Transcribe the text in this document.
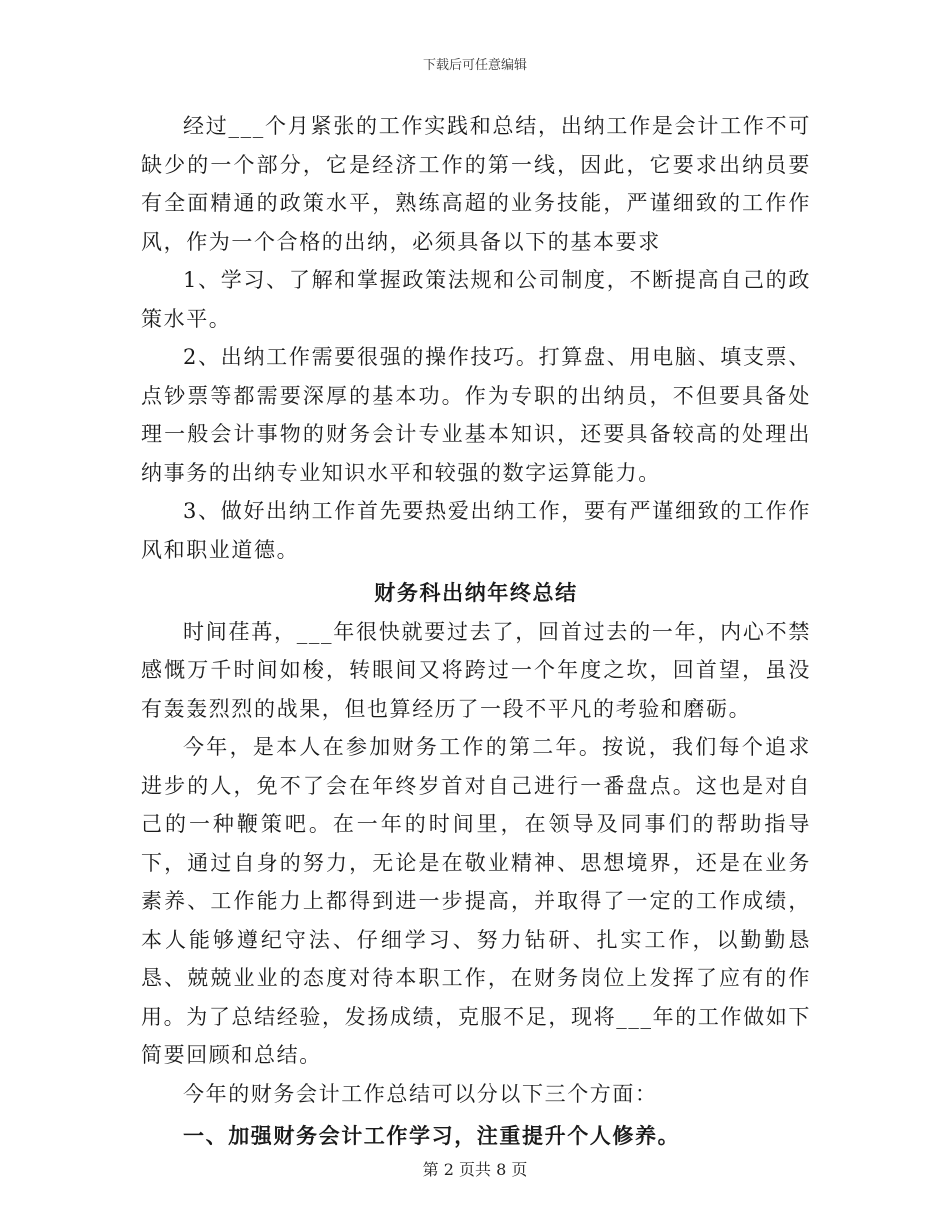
下载后可任意编辑

经过___个月紧张的工作实践和总结，出纳工作是会计工作不可缺少的一个部分，它是经济工作的第一线，因此，它要求出纳员要有全面精通的政策水平，熟练高超的业务技能，严谨细致的工作作风，作为一个合格的出纳，必须具备以下的基本要求

1、学习、了解和掌握政策法规和公司制度，不断提高自己的政策水平。

2、出纳工作需要很强的操作技巧。打算盘、用电脑、填支票、点钞票等都需要深厚的基本功。作为专职的出纳员，不但要具备处理一般会计事物的财务会计专业基本知识，还要具备较高的处理出纳事务的出纳专业知识水平和较强的数字运算能力。

3、做好出纳工作首先要热爱出纳工作，要有严谨细致的工作作风和职业道德。

财务科出纳年终总结

时间荏苒，___年很快就要过去了，回首过去的一年，内心不禁感慨万千时间如梭，转眼间又将跨过一个年度之坎，回首望，虽没有轰轰烈烈的战果，但也算经历了一段不平凡的考验和磨砺。

今年，是本人在参加财务工作的第二年。按说，我们每个追求进步的人，免不了会在年终岁首对自己进行一番盘点。这也是对自己的一种鞭策吧。在一年的时间里，在领导及同事们的帮助指导下，通过自身的努力，无论是在敬业精神、思想境界，还是在业务素养、工作能力上都得到进一步提高，并取得了一定的工作成绩，本人能够遵纪守法、仔细学习、努力钻研、扎实工作，以勤勤恳恳、兢兢业业的态度对待本职工作，在财务岗位上发挥了应有的作用。为了总结经验，发扬成绩，克服不足，现将___年的工作做如下简要回顾和总结。

今年的财务会计工作总结可以分以下三个方面：

一、加强财务会计工作学习，注重提升个人修养。

第 2 页共 8 页
